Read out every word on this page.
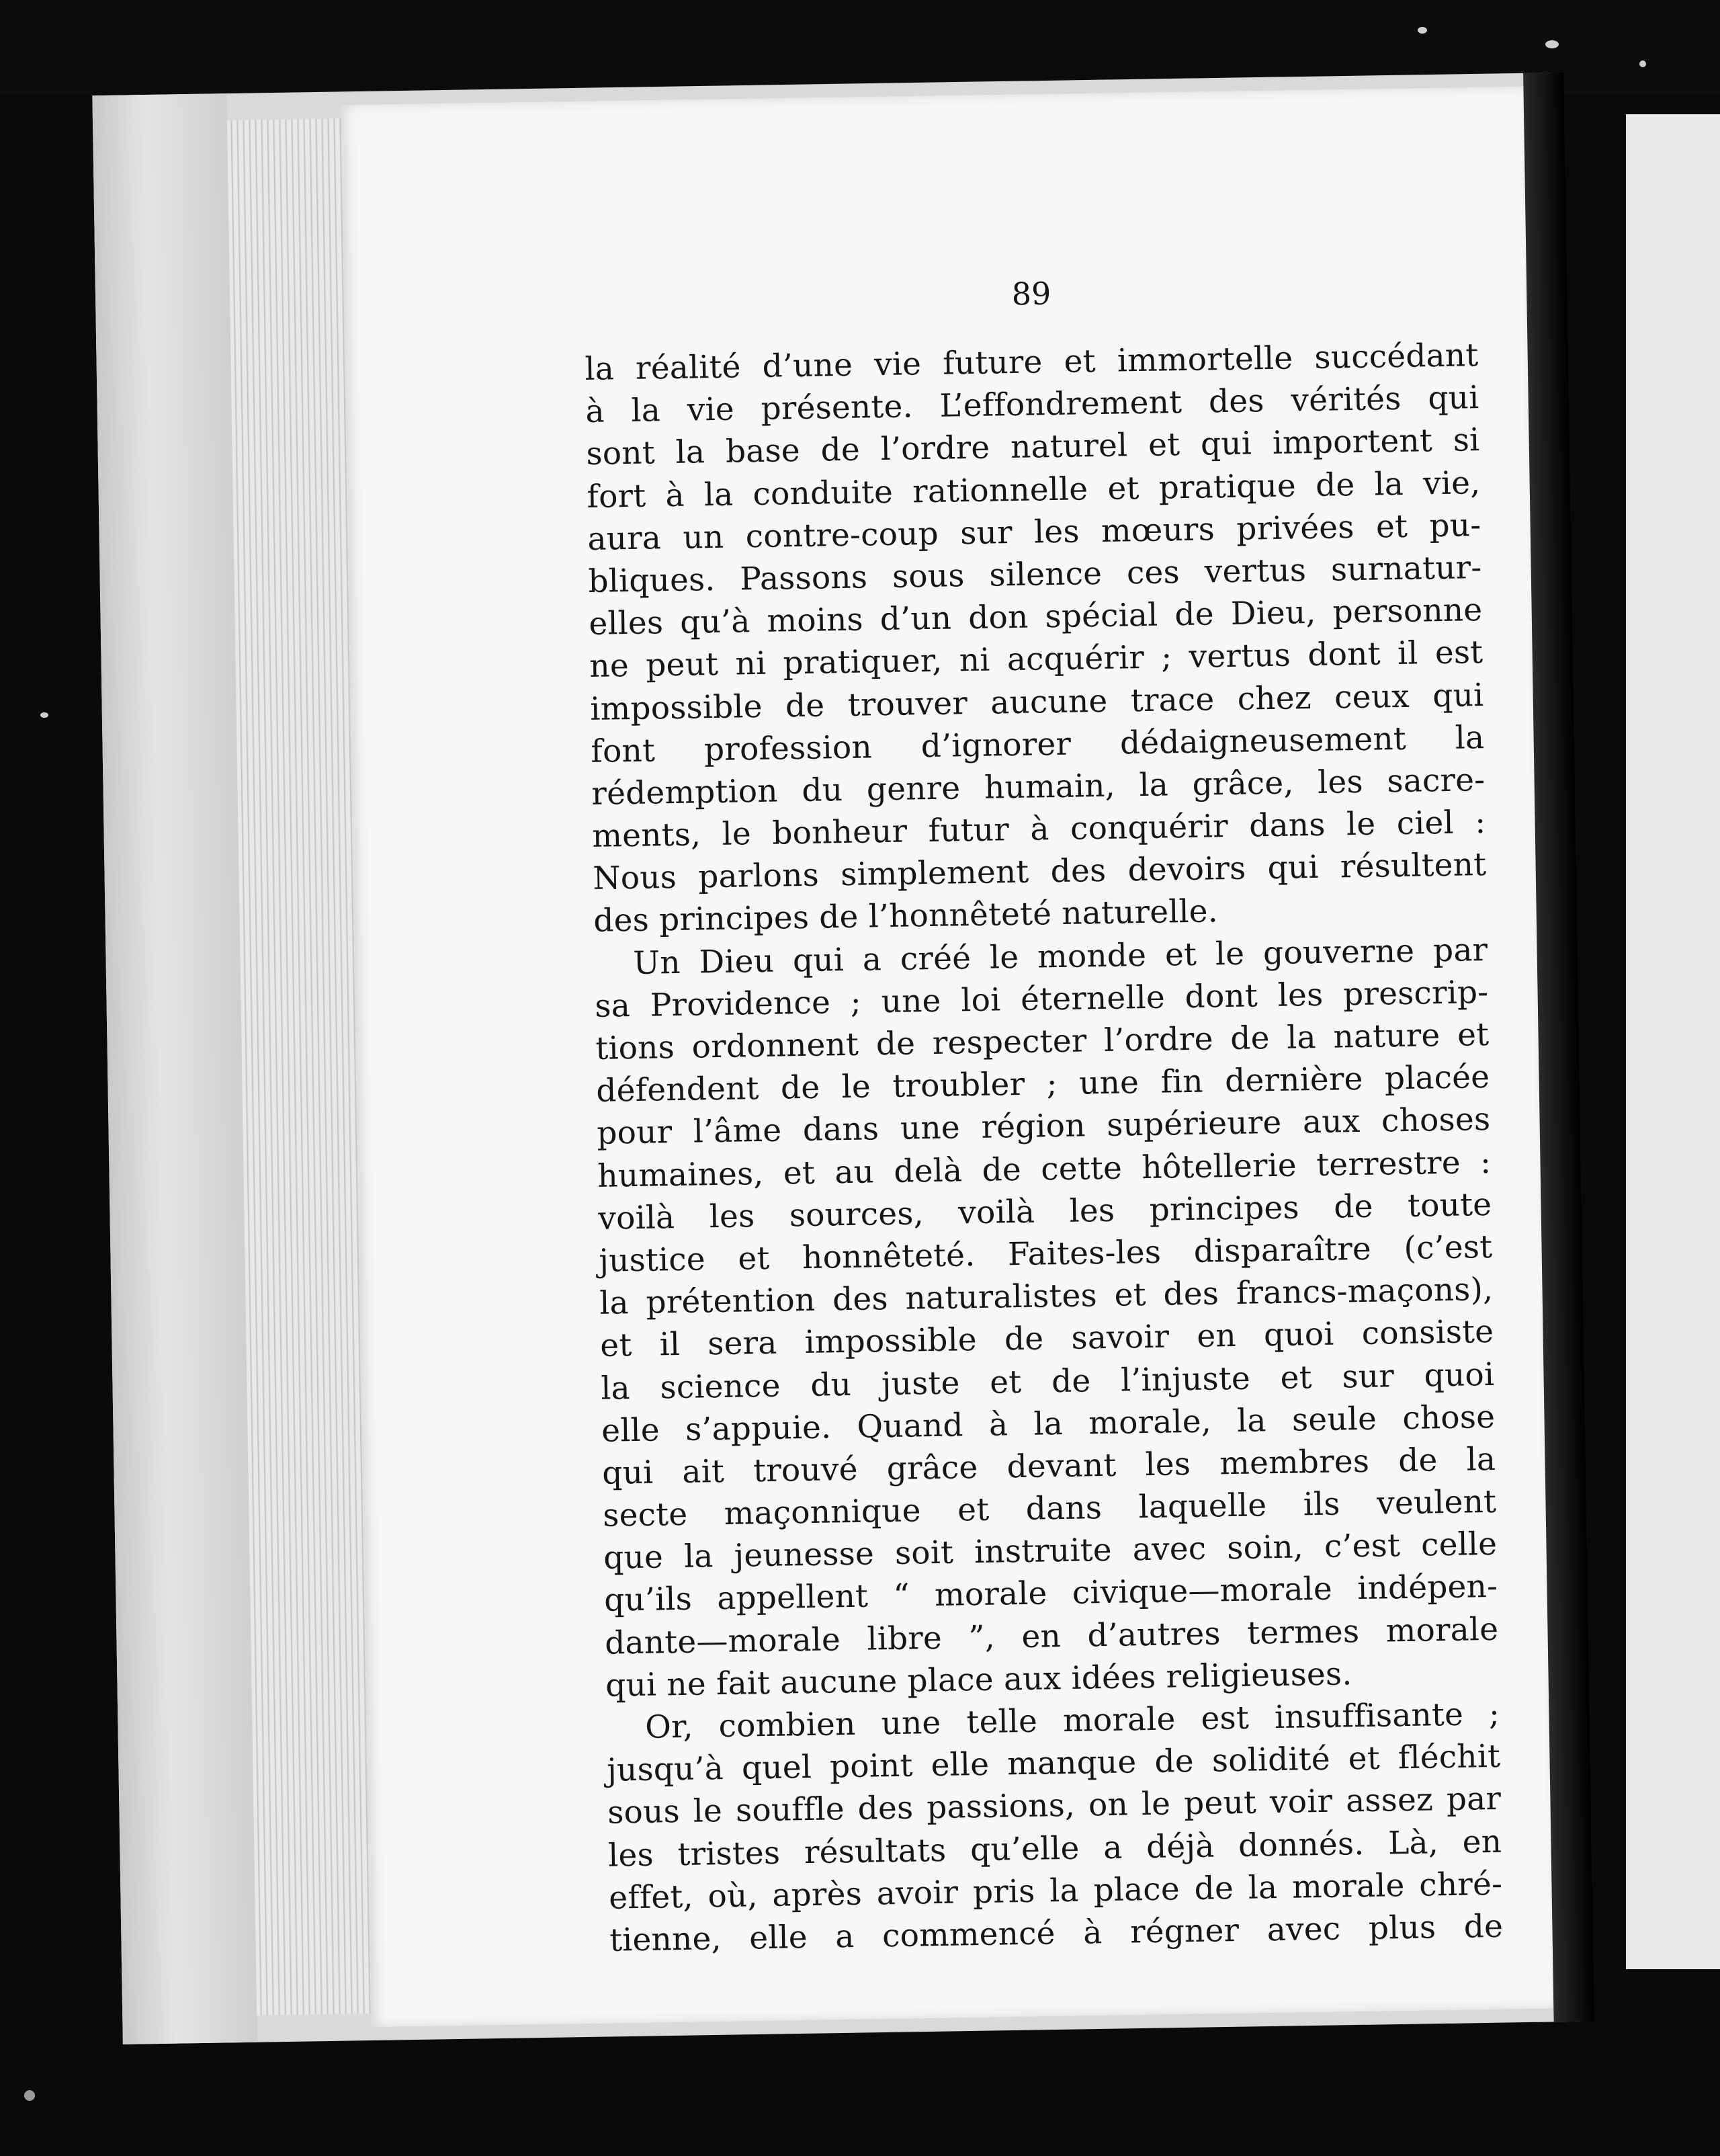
89
la réalité d’une vie future et immortelle succédant
à la vie présente. L’effondrement des vérités qui
sont la base de l’ordre naturel et qui importent si
fort à la conduite rationnelle et pratique de la vie,
aura un contre-coup sur les mœurs privées et pu-
bliques. Passons sous silence ces vertus surnatur-
elles qu’à moins d’un don spécial de Dieu, personne
ne peut ni pratiquer, ni acquérir ; vertus dont il est
impossible de trouver aucune trace chez ceux qui
font profession d’ignorer dédaigneusement la
rédemption du genre humain, la grâce, les sacre-
ments, le bonheur futur à conquérir dans le ciel :
Nous parlons simplement des devoirs qui résultent
des principes de l’honnêteté naturelle.
Un Dieu qui a créé le monde et le gouverne par
sa Providence ; une loi éternelle dont les prescrip-
tions ordonnent de respecter l’ordre de la nature et
défendent de le troubler ; une fin dernière placée
pour l’âme dans une région supérieure aux choses
humaines, et au delà de cette hôtellerie terrestre :
voilà les sources, voilà les principes de toute
justice et honnêteté. Faites-les disparaître (c’est
la prétention des naturalistes et des francs-maçons),
et il sera impossible de savoir en quoi consiste
la science du juste et de l’injuste et sur quoi
elle s’appuie. Quand à la morale, la seule chose
qui ait trouvé grâce devant les membres de la
secte maçonnique et dans laquelle ils veulent
que la jeunesse soit instruite avec soin, c’est celle
qu’ils appellent “ morale civique—morale indépen-
dante—morale libre ”, en d’autres termes morale
qui ne fait aucune place aux idées religieuses.
Or, combien une telle morale est insuffisante ;
jusqu’à quel point elle manque de solidité et fléchit
sous le souffle des passions, on le peut voir assez par
les tristes résultats qu’elle a déjà donnés. Là, en
effet, où, après avoir pris la place de la morale chré-
tienne, elle a commencé à régner avec plus de
